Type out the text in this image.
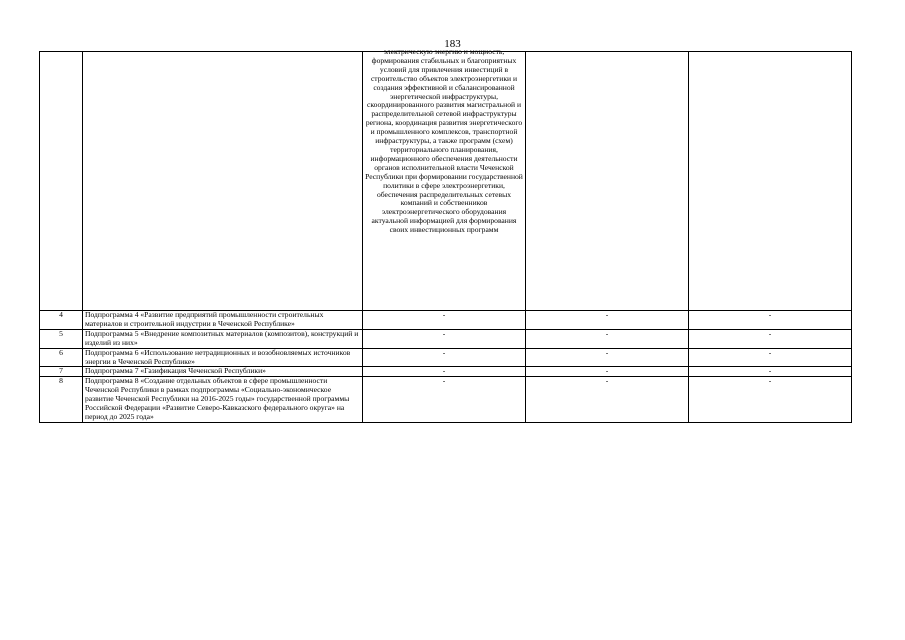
183

		электрическую энергию и мощность, формирования стабильных и благоприятных условий для привлечения инвестиций в строительство объектов электроэнергетики и создания эффективной и сбалансированной энергетической инфраструктуры, скоординированного развития магистральной и распределительной сетевой инфраструктуры региона, координация развития энергетического и промышленного комплексов, транспортной инфраструктуры, а также программ (схем) территориального планирования, информационного обеспечения деятельности органов исполнительной власти Чеченской Республики при формировании государственной политики в сфере электроэнергетики, обеспечения распределительных сетевых компаний и собственников электроэнергетического оборудования актуальной информацией для формирования своих инвестиционных программ		

4	Подпрограмма 4 «Развитие предприятий промышленности строительных материалов и строительной индустрии в Чеченской Республике»	-	-	-
5	Подпрограмма 5 «Внедрение композитных материалов (композитов), конструкций и изделий из них»	-	-	-
6	Подпрограмма 6 «Использование нетрадиционных и возобновляемых источников энергии в Чеченской Республике»	-	-	-
7	Подпрограмма 7 «Газификация Чеченской Республики»	-	-	-
8	Подпрограмма 8 «Создание отдельных объектов в сфере промышленности Чеченской Республики в рамках подпрограммы «Социально-экономическое развитие Чеченской Республики на 2016-2025 годы» государственной программы Российской Федерации «Развитие Северо-Кавказского федерального округа» на период до 2025 года»	-	-	-
